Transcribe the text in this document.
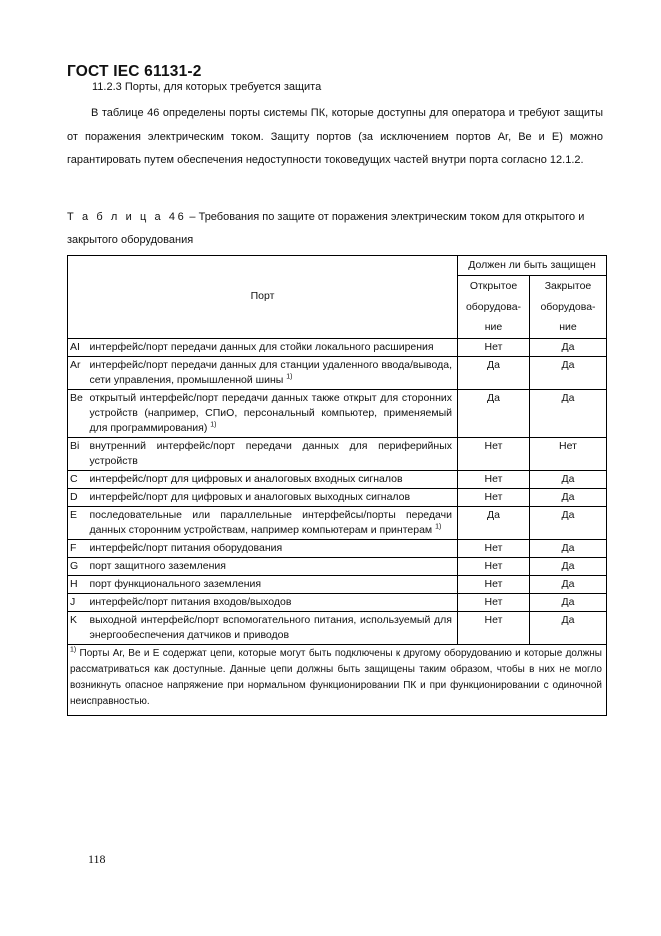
ГОСТ IEC 61131-2
11.2.3 Порты, для которых требуется защита
В таблице 46 определены порты системы ПК, которые доступны для оператора и требуют защиты от поражения электрическим током. Защиту портов (за исключением портов Ar, Be и E) можно гарантировать путем обеспечения недоступности токоведущих частей внутри порта согласно 12.1.2.
Т а б л и ц а 46 – Требования по защите от поражения электрическим током для открытого и закрытого оборудования
Порт		Должен ли быть защищен	
		Открытое оборудова-ние	Закрытое оборудова-ние
AI	интерфейс/порт передачи данных для стойки локального расширения	Нет	Да
Ar	интерфейс/порт передачи данных для станции удаленного ввода/вывода, сети управления, промышленной шины $^{1)}$	Да	Да
Be	открытый интерфейс/порт передачи данных также открыт для сторонних устройств (например, СПиО, персональный компьютер, применяемый для программирования) $^{1)}$	Да	Да
Bi	внутренний интерфейс/порт передачи данных для периферийных устройств	Нет	Нет
C	интерфейс/порт для цифровых и аналоговых входных сигналов	Нет	Да
D	интерфейс/порт для цифровых и аналоговых выходных сигналов	Нет	Да
E	последовательные или параллельные интерфейсы/порты передачи данных сторонним устройствам, например компьютерам и принтерам $^{1)}$	Да	Да
F	интерфейс/порт питания оборудования	Нет	Да
G	порт защитного заземления	Нет	Да
H	порт функционального заземления	Нет	Да
J	интерфейс/порт питания входов/выходов	Нет	Да
K	выходной интерфейс/порт вспомогательного питания, используемый для энергообеспечения датчиков и приводов	Нет	Да
$^{1)}$ Порты Ar, Be и E содержат цепи, которые могут быть подключены к другому оборудованию и которые должны рассматриваться как доступные. Данные цепи должны быть защищены таким образом, чтобы в них не могло возникнуть опасное напряжение при нормальном функционировании ПК и при функционировании с одиночной неисправностью.			
118
